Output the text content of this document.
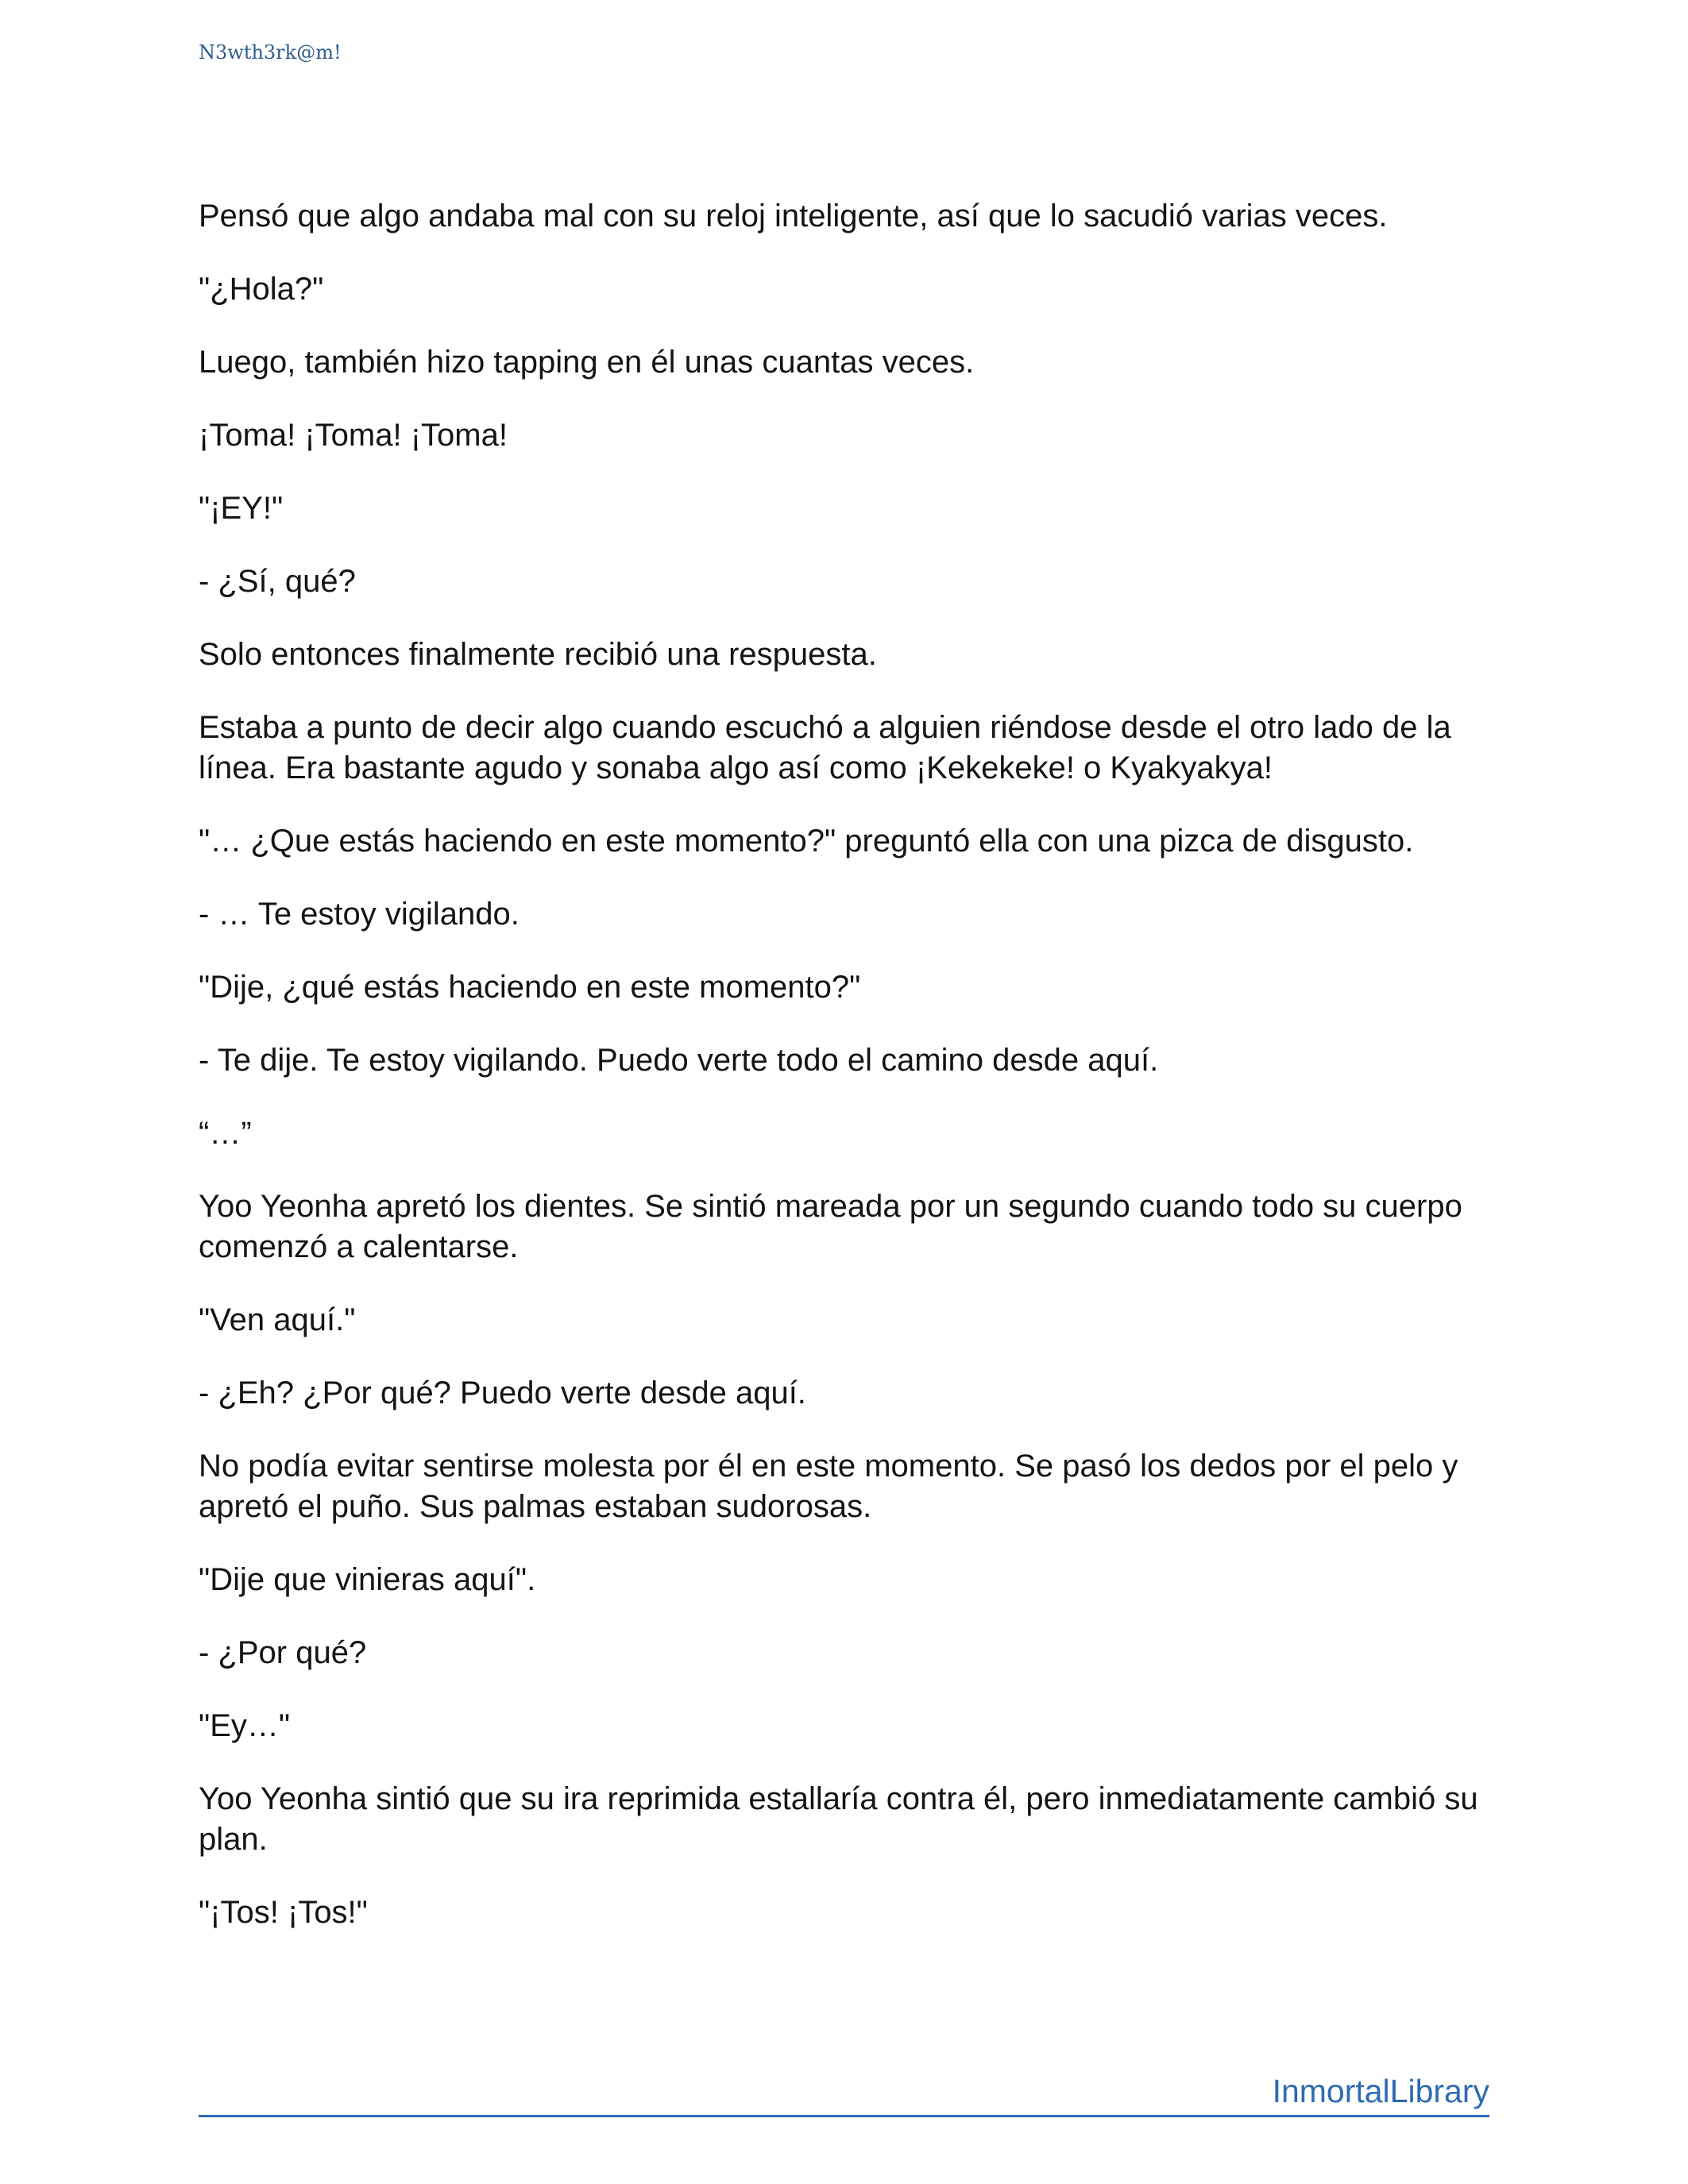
N3wth3rk@m!

Pensó que algo andaba mal con su reloj inteligente, así que lo sacudió varias veces.

"¿Hola?"

Luego, también hizo tapping en él unas cuantas veces.

¡Toma! ¡Toma! ¡Toma!

"¡EY!"

- ¿Sí, qué?

Solo entonces finalmente recibió una respuesta.

Estaba a punto de decir algo cuando escuchó a alguien riéndose desde el otro lado de la línea. Era bastante agudo y sonaba algo así como ¡Kekekeke! o Kyakyakya!

"… ¿Que estás haciendo en este momento?" preguntó ella con una pizca de disgusto.

- … Te estoy vigilando.

"Dije, ¿qué estás haciendo en este momento?"

- Te dije. Te estoy vigilando. Puedo verte todo el camino desde aquí.

“…”

Yoo Yeonha apretó los dientes. Se sintió mareada por un segundo cuando todo su cuerpo comenzó a calentarse.

"Ven aquí."

- ¿Eh? ¿Por qué? Puedo verte desde aquí.

No podía evitar sentirse molesta por él en este momento. Se pasó los dedos por el pelo y apretó el puño. Sus palmas estaban sudorosas.

"Dije que vinieras aquí".

- ¿Por qué?

"Ey…"

Yoo Yeonha sintió que su ira reprimida estallaría contra él, pero inmediatamente cambió su plan.

"¡Tos! ¡Tos!"

InmortalLibrary
